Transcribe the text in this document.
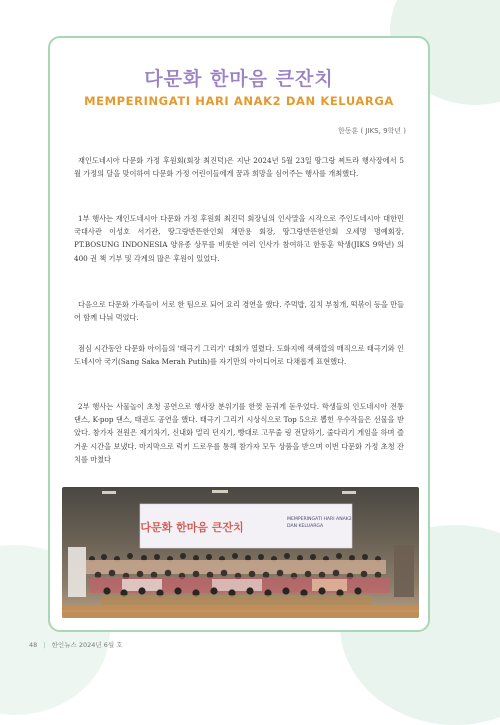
다문화 한마음 큰잔치
MEMPERINGATI HARI ANAK2 DAN KELUARGA
한동훈 ( JIKS, 9학년 )

재인도네시아 다문화 가정 후원회(회장 최진덕)은 지난 2024년 5월 23일 땅그랑 찌트라 행사장에서 5월 가정의 달을 맞이하여 다문화 가정 어린이들에게 꿈과 희망을 심어주는 행사를 개최했다.

1부 행사는 재인도네시아 다문화 가정 후원회 최진덕 회장님의 인사말을 시작으로 주인도네시아 대한민국대사관 이성호 서기관, 땅그랑반뜬한인회 채만용 회장, 땅그랑반뜬한인회 오세명 명예회장, PT.BOSUNG INDONESIA 양유종 상무를 비롯한 여러 인사가 참여하고 한동훈 학생(JIKS 9학년) 의 400 권 책 기부 및 각계의 많은 후원이 있었다.

다음으로 다문화 가족들이 서로 한 팀으로 되어 요리 경연을 했다. 주먹밥, 김치 부침개, 떡볶이 등을 만들어 함께 나눠 먹었다.

점심 시간동안 다문화 아이들의 '태극기 그리기' 대회가 열렸다. 도화지에 색색깔의 매직으로 태극기와 인도네시아 국기(Sang Saka Merah Putih)를 자기만의 아이디어로 다채롭게 표현했다.

2부 행사는 사물놀이 초청 공연으로 행사장 분위기를 한껏 돋궈게 돋우었다. 학생들의 인도네시아 전통 댄스, K-pop 댄스, 태권도 공연을 했다. 태극기 그리기 시상식으로 Top 5으로 뽑힌 우수작들은 선물을 받았다. 참가자 전원은 제기차기, 신내화 멀리 던지기, 빵대로 고무줄 링 전달하기, 줄다리기 게임을 하며 즐거운 시간을 보냈다. 마지막으로 럭키 드로우를 통해 참가자 모두 상품을 받으며 이번 다문화 가정 초청 잔치를 마쳤다

다문화 한마음 큰잔치
MEMPERINGATI HARI ANAK2
DAN KELUARGA
48 | 한인뉴스 2024년 6월 호
